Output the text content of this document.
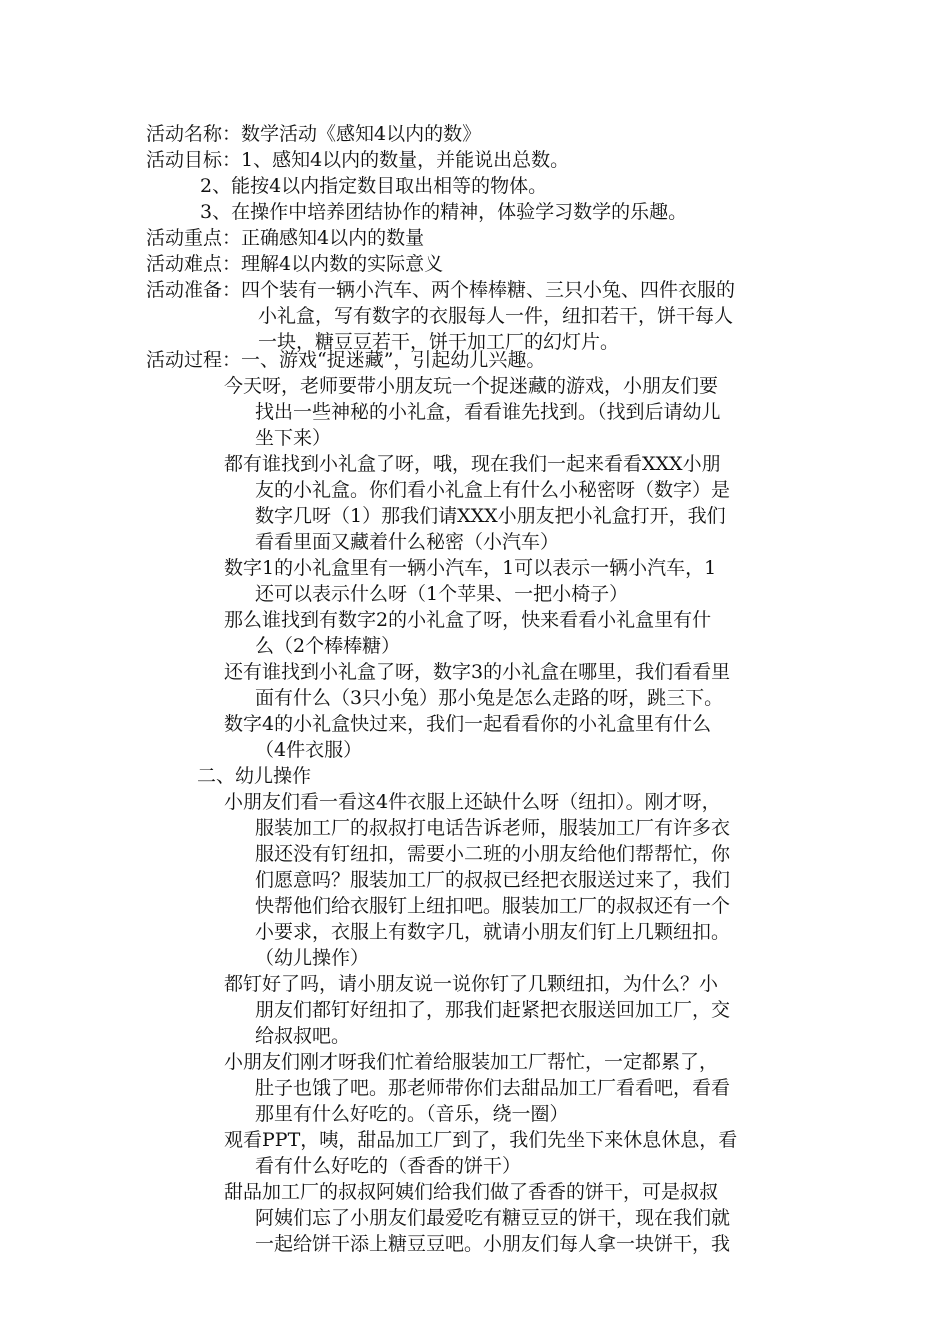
活动名称：数学活动《感知4以内的数》
活动目标：1、感知4以内的数量，并能说出总数。
2、能按4以内指定数目取出相等的物体。
3、在操作中培养团结协作的精神，体验学习数学的乐趣。
活动重点：正确感知4以内的数量
活动难点：理解4以内数的实际意义
活动准备：四个装有一辆小汽车、两个棒棒糖、三只小兔、四件衣服的
小礼盒，写有数字的衣服每人一件，纽扣若干，饼干每人
一块，糖豆豆若干，饼干加工厂的幻灯片。
活动过程：一、游戏“捉迷藏”，引起幼儿兴趣。
今天呀，老师要带小朋友玩一个捉迷藏的游戏，小朋友们要
找出一些神秘的小礼盒，看看谁先找到。（找到后请幼儿
坐下来）
都有谁找到小礼盒了呀，哦，现在我们一起来看看XXX小朋
友的小礼盒。你们看小礼盒上有什么小秘密呀（数字）是
数字几呀（1）那我们请XXX小朋友把小礼盒打开，我们
看看里面又藏着什么秘密（小汽车）
数字1的小礼盒里有一辆小汽车，1可以表示一辆小汽车，1
还可以表示什么呀（1个苹果、一把小椅子）
那么谁找到有数字2的小礼盒了呀，快来看看小礼盒里有什
么（2个棒棒糖）
还有谁找到小礼盒了呀，数字3的小礼盒在哪里，我们看看里
面有什么（3只小兔）那小兔是怎么走路的呀，跳三下。
数字4的小礼盒快过来，我们一起看看你的小礼盒里有什么
（4件衣服）
二、幼儿操作
小朋友们看一看这4件衣服上还缺什么呀（纽扣）。刚才呀，
服装加工厂的叔叔打电话告诉老师，服装加工厂有许多衣
服还没有钉纽扣，需要小二班的小朋友给他们帮帮忙，你
们愿意吗？服装加工厂的叔叔已经把衣服送过来了，我们
快帮他们给衣服钉上纽扣吧。服装加工厂的叔叔还有一个
小要求，衣服上有数字几，就请小朋友们钉上几颗纽扣。
（幼儿操作）
都钉好了吗，请小朋友说一说你钉了几颗纽扣，为什么？小
朋友们都钉好纽扣了，那我们赶紧把衣服送回加工厂，交
给叔叔吧。
小朋友们刚才呀我们忙着给服装加工厂帮忙，一定都累了，
肚子也饿了吧。那老师带你们去甜品加工厂看看吧，看看
那里有什么好吃的。（音乐，绕一圈）
观看PPT，咦，甜品加工厂到了，我们先坐下来休息休息，看
看有什么好吃的（香香的饼干）
甜品加工厂的叔叔阿姨们给我们做了香香的饼干，可是叔叔
阿姨们忘了小朋友们最爱吃有糖豆豆的饼干，现在我们就
一起给饼干添上糖豆豆吧。小朋友们每人拿一块饼干，我
